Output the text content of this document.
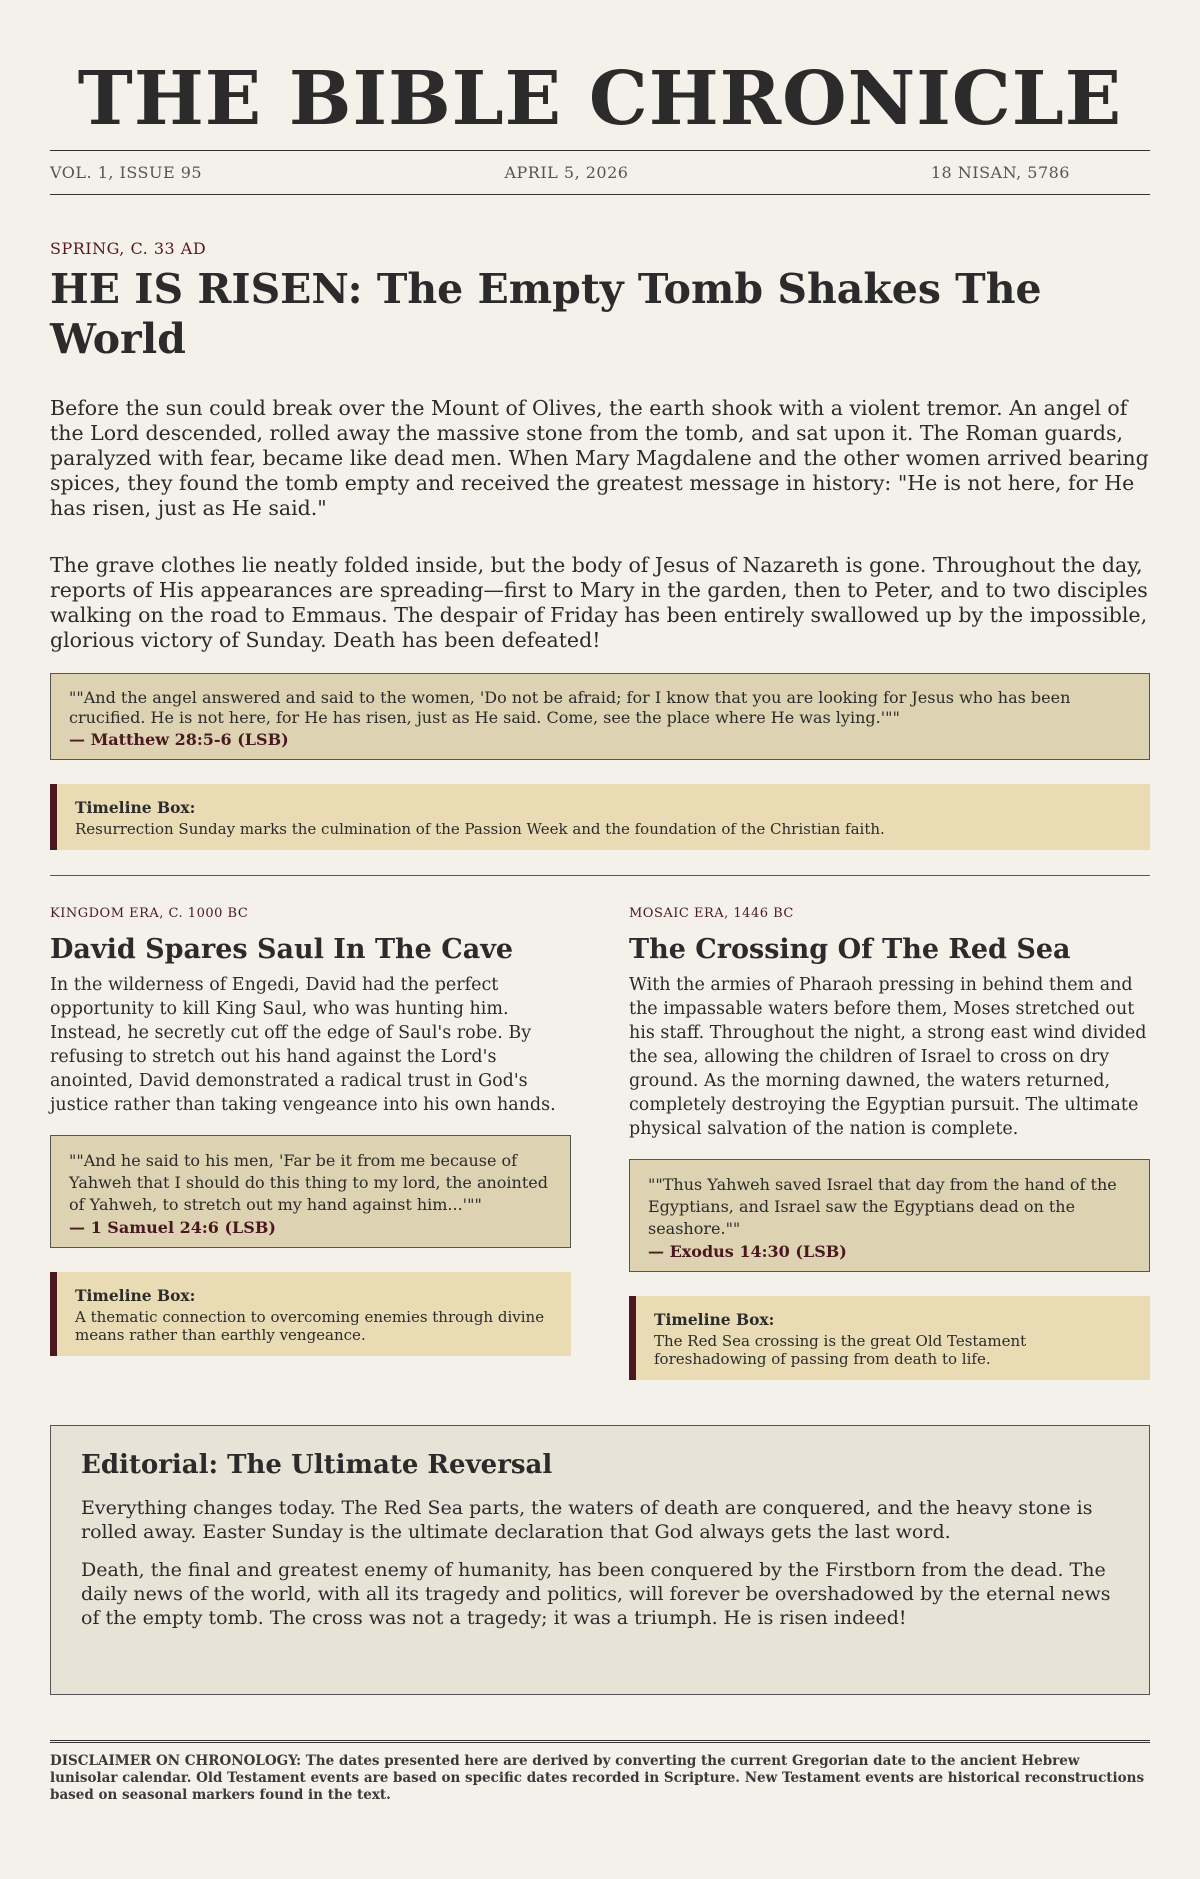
THE BIBLE CHRONICLE
VOL. 1, ISSUE 95	APRIL 5, 2026	18 NISAN, 5786
SPRING, C. 33 AD
HE IS RISEN: The Empty Tomb Shakes The World

Before the sun could break over the Mount of Olives, the earth shook with a violent tremor. An angel of the Lord descended, rolled away the massive stone from the tomb, and sat upon it. The Roman guards, paralyzed with fear, became like dead men. When Mary Magdalene and the other women arrived bearing spices, they found the tomb empty and received the greatest message in history: "He is not here, for He has risen, just as He said."

The grave clothes lie neatly folded inside, but the body of Jesus of Nazareth is gone. Throughout the day, reports of His appearances are spreading—first to Mary in the garden, then to Peter, and to two disciples walking on the road to Emmaus. The despair of Friday has been entirely swallowed up by the impossible, glorious victory of Sunday. Death has been defeated!

""And the angel answered and said to the women, 'Do not be afraid; for I know that you are looking for Jesus who has been crucified. He is not here, for He has risen, just as He said. Come, see the place where He was lying.'""
— Matthew 28:5-6 (LSB)
Timeline Box:
Resurrection Sunday marks the culmination of the Passion Week and the foundation of the Christian faith.
KINGDOM ERA, C. 1000 BC
David Spares Saul In The Cave
In the wilderness of Engedi, David had the perfect opportunity to kill King Saul, who was hunting him. Instead, he secretly cut off the edge of Saul's robe. By refusing to stretch out his hand against the Lord's anointed, David demonstrated a radical trust in God's justice rather than taking vengeance into his own hands.
""And he said to his men, 'Far be it from me because of Yahweh that I should do this thing to my lord, the anointed of Yahweh, to stretch out my hand against him...'""
— 1 Samuel 24:6 (LSB)
Timeline Box:
A thematic connection to overcoming enemies through divine means rather than earthly vengeance.
MOSAIC ERA, 1446 BC
The Crossing Of The Red Sea
With the armies of Pharaoh pressing in behind them and the impassable waters before them, Moses stretched out his staff. Throughout the night, a strong east wind divided the sea, allowing the children of Israel to cross on dry ground. As the morning dawned, the waters returned, completely destroying the Egyptian pursuit. The ultimate physical salvation of the nation is complete.
""Thus Yahweh saved Israel that day from the hand of the Egyptians, and Israel saw the Egyptians dead on the seashore.""
— Exodus 14:30 (LSB)
Timeline Box:
The Red Sea crossing is the great Old Testament foreshadowing of passing from death to life.
Editorial: The Ultimate Reversal

Everything changes today. The Red Sea parts, the waters of death are conquered, and the heavy stone is rolled away. Easter Sunday is the ultimate declaration that God always gets the last word.

Death, the final and greatest enemy of humanity, has been conquered by the Firstborn from the dead. The daily news of the world, with all its tragedy and politics, will forever be overshadowed by the eternal news of the empty tomb. The cross was not a tragedy; it was a triumph. He is risen indeed!

DISCLAIMER ON CHRONOLOGY: The dates presented here are derived by converting the current Gregorian date to the ancient Hebrew lunisolar calendar. Old Testament events are based on specific dates recorded in Scripture. New Testament events are historical reconstructions based on seasonal markers found in the text.
